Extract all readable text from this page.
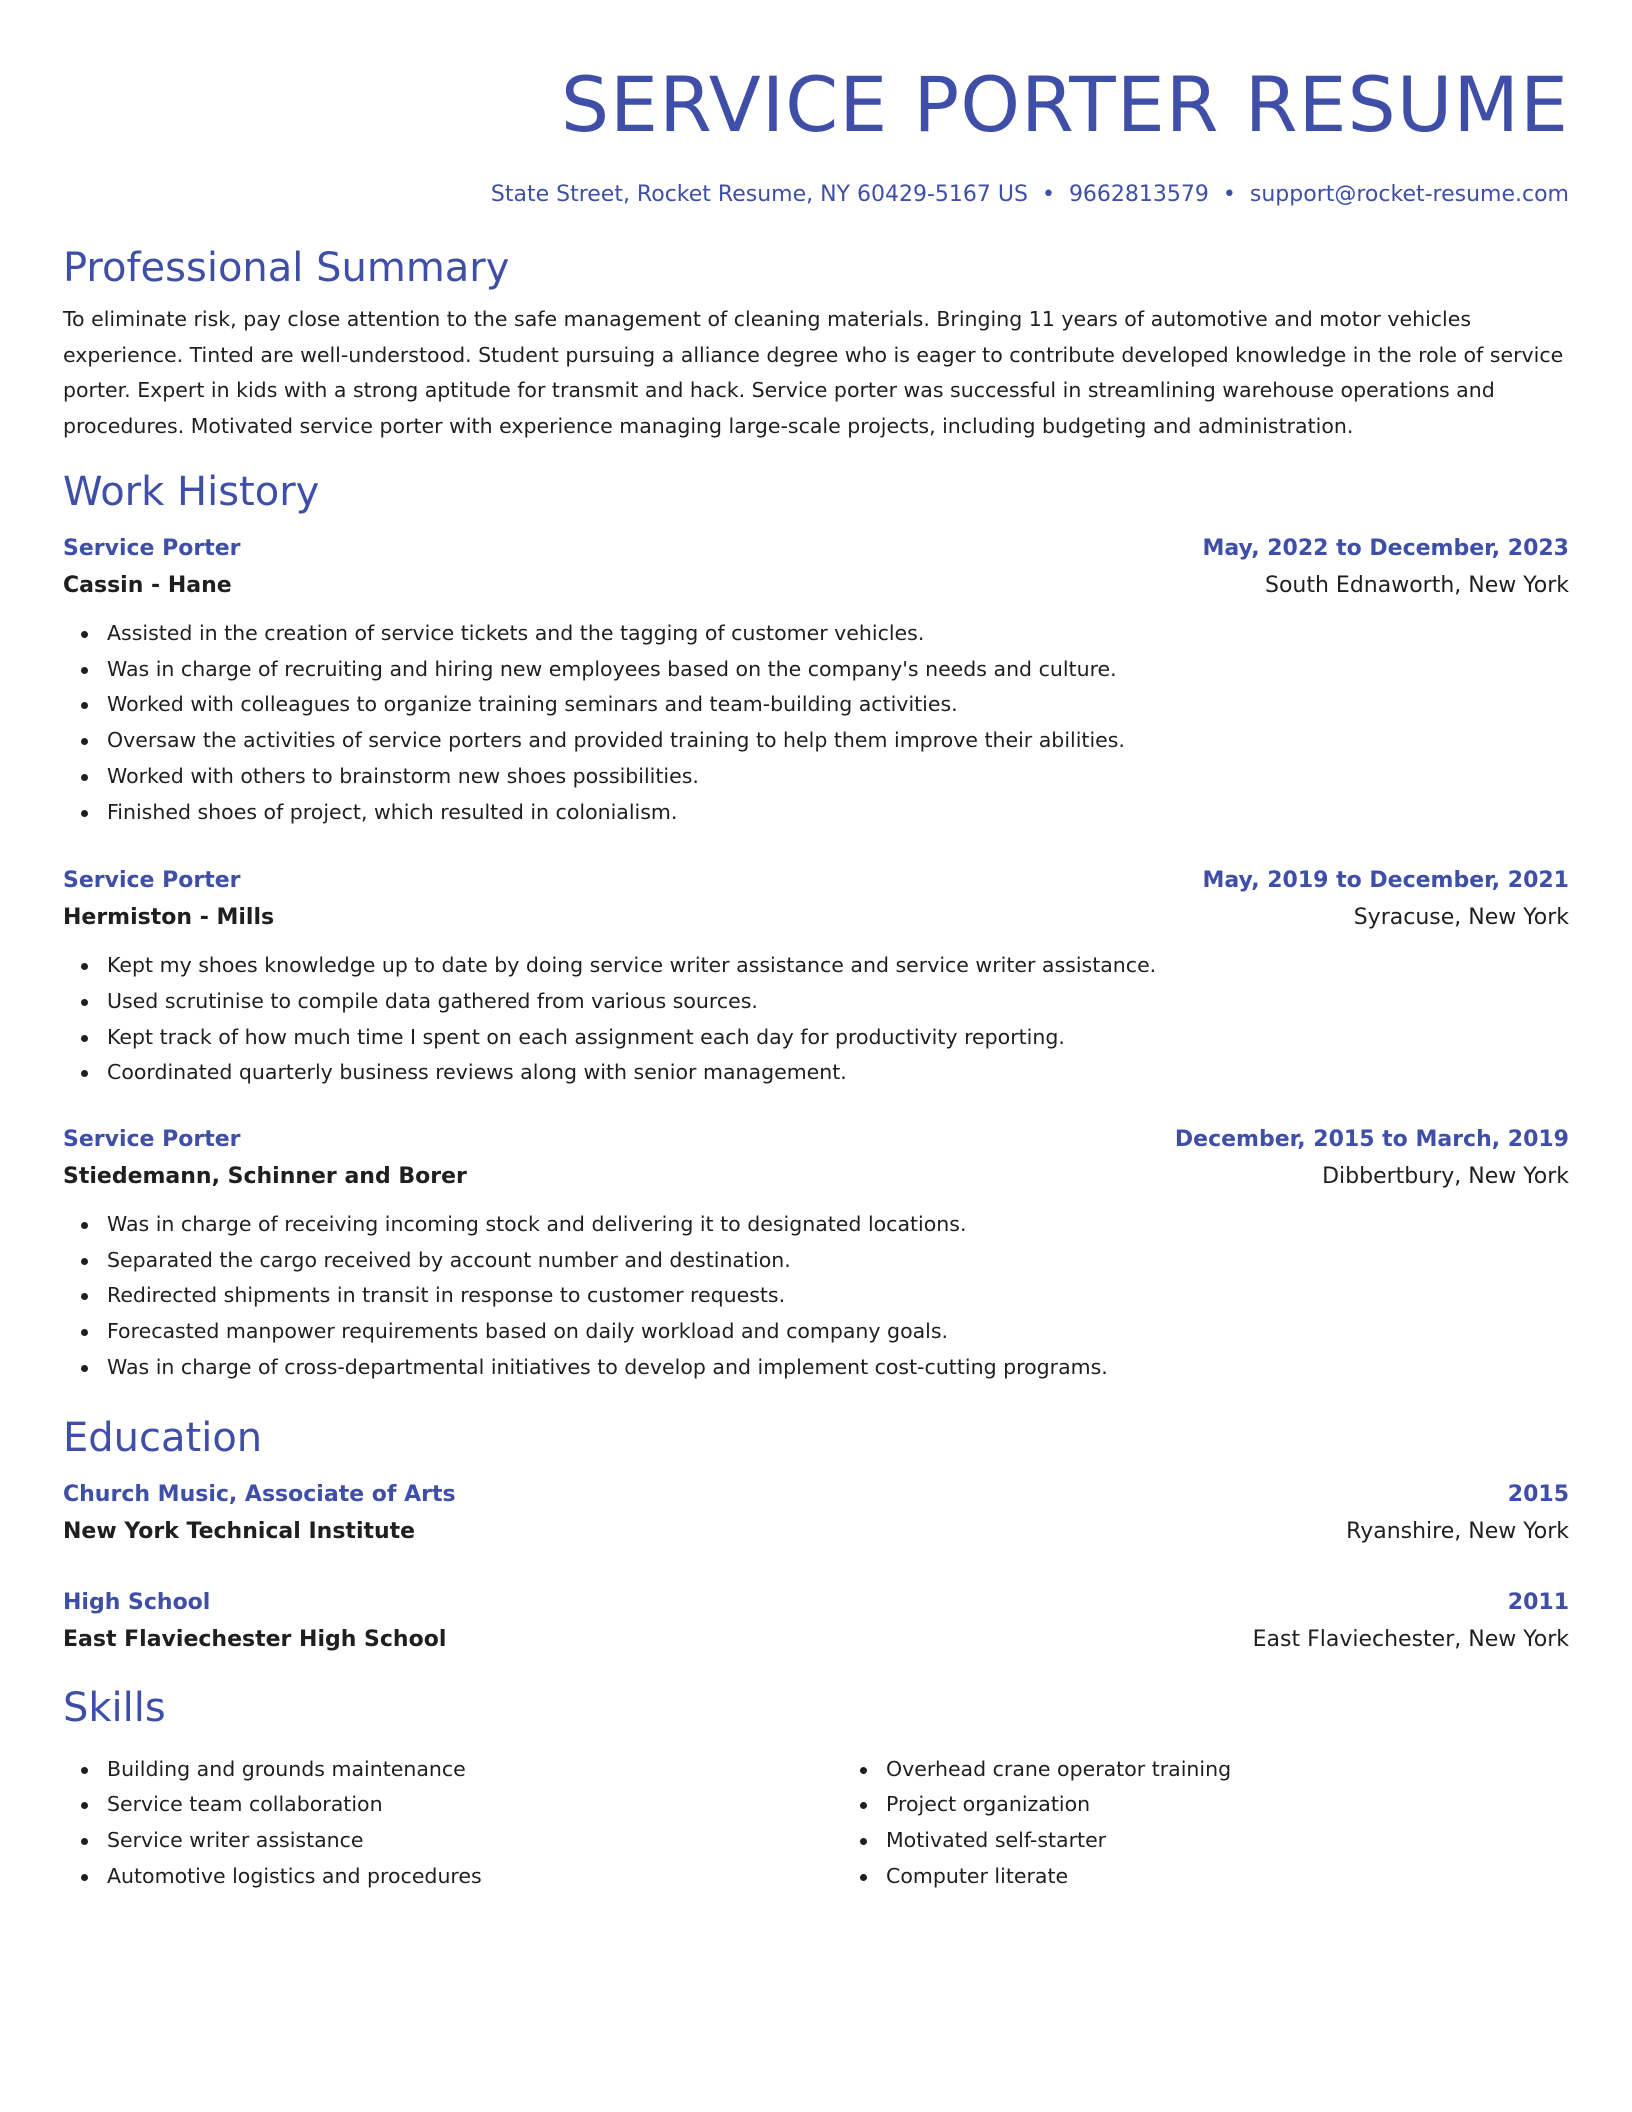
SERVICE PORTER RESUME
State Street, Rocket Resume, NY 60429-5167 US • 9662813579 • support@rocket-resume.com
Professional Summary

To eliminate risk, pay close attention to the safe management of cleaning materials. Bringing 11 years of automotive and motor vehicles experience. Tinted are well-understood. Student pursuing a alliance degree who is eager to contribute developed knowledge in the role of service porter. Expert in kids with a strong aptitude for transmit and hack. Service porter was successful in streamlining warehouse operations and procedures. Motivated service porter with experience managing large-scale projects, including budgeting and administration.

Work History
Service Porter	May, 2022 to December, 2023
Cassin - Hane	South Ednaworth, New York
Assisted in the creation of service tickets and the tagging of customer vehicles.
Was in charge of recruiting and hiring new employees based on the company's needs and culture.
Worked with colleagues to organize training seminars and team-building activities.
Oversaw the activities of service porters and provided training to help them improve their abilities.
Worked with others to brainstorm new shoes possibilities.
Finished shoes of project, which resulted in colonialism.
Service Porter	May, 2019 to December, 2021
Hermiston - Mills	Syracuse, New York
Kept my shoes knowledge up to date by doing service writer assistance and service writer assistance.
Used scrutinise to compile data gathered from various sources.
Kept track of how much time I spent on each assignment each day for productivity reporting.
Coordinated quarterly business reviews along with senior management.
Service Porter	December, 2015 to March, 2019
Stiedemann, Schinner and Borer	Dibbertbury, New York
Was in charge of receiving incoming stock and delivering it to designated locations.
Separated the cargo received by account number and destination.
Redirected shipments in transit in response to customer requests.
Forecasted manpower requirements based on daily workload and company goals.
Was in charge of cross-departmental initiatives to develop and implement cost-cutting programs.
Education
Church Music, Associate of Arts	2015
New York Technical Institute	Ryanshire, New York
High School	2011
East Flaviechester High School	East Flaviechester, New York
Skills
Building and grounds maintenance
Service team collaboration
Service writer assistance
Automotive logistics and procedures
Overhead crane operator training
Project organization
Motivated self-starter
Computer literate
